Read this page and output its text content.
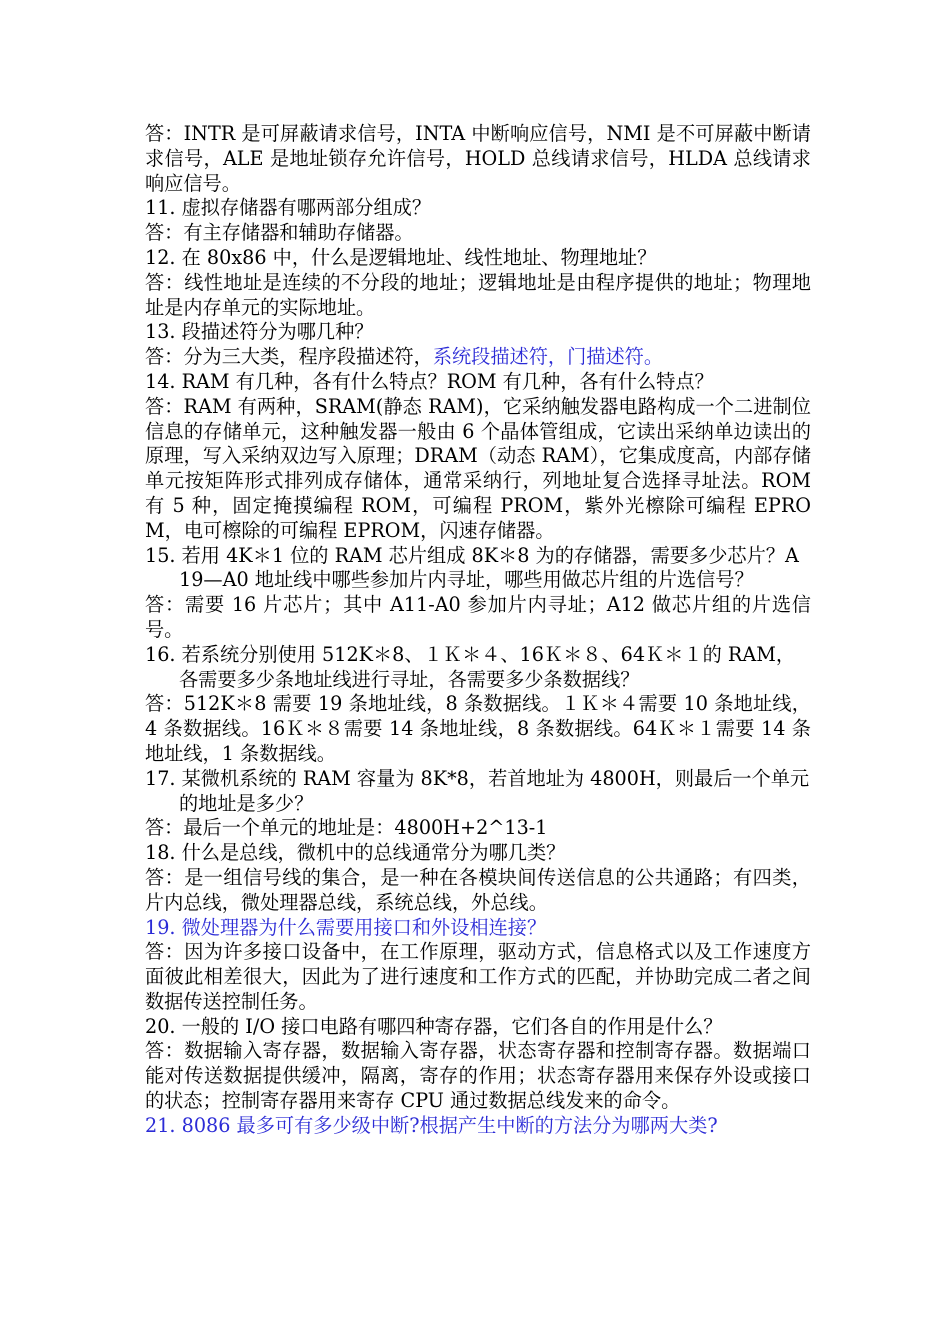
答：INTR 是可屏蔽请求信号，INTA 中断响应信号，NMI 是不可屏蔽中断请求信号，ALE 是地址锁存允许信号，HOLD 总线请求信号，HLDA 总线请求响应信号。

11. 虚拟存储器有哪两部分组成？

答：有主存储器和辅助存储器。

12. 在 80x86 中，什么是逻辑地址、线性地址、物理地址？

答：线性地址是连续的不分段的地址；逻辑地址是由程序提供的地址；物理地址是内存单元的实际地址。

13. 段描述符分为哪几种？

答：分为三大类，程序段描述符，系统段描述符，门描述符。

14. RAM 有几种，各有什么特点？ROM 有几种，各有什么特点？

答：RAM 有两种，SRAM(静态 RAM)，它采纳触发器电路构成一个二进制位信息的存储单元，这种触发器一般由 6 个晶体管组成，它读出采纳单边读出的原理，写入采纳双边写入原理；DRAM（动态 RAM），它集成度高，内部存储单元按矩阵形式排列成存储体，通常采纳行，列地址复合选择寻址法。ROM 有 5 种，固定掩摸编程 ROM，可编程 PROM，紫外光檫除可编程 EPROM，电可檫除的可编程 EPROM，闪速存储器。

15. 若用 4K＊1 位的 RAM 芯片组成 8K＊8 为的存储器，需要多少芯片？A19—A0 地址线中哪些参加片内寻址，哪些用做芯片组的片选信号？

答：需要 16 片芯片；其中 A11-A0 参加片内寻址；A12 做芯片组的片选信号。

16. 若系统分别使用 512K＊8、１Ｋ＊４、16Ｋ＊８、64Ｋ＊１的 RAM，各需要多少条地址线进行寻址，各需要多少条数据线？

答：512K＊8 需要 19 条地址线，8 条数据线。１Ｋ＊４需要 10 条地址线，4 条数据线。16Ｋ＊８需要 14 条地址线，8 条数据线。64Ｋ＊１需要 14 条地址线，1 条数据线。

17. 某微机系统的 RAM 容量为 8K*8，若首地址为 4800H，则最后一个单元的地址是多少？

答：最后一个单元的地址是：4800H+2^13-1

18. 什么是总线，微机中的总线通常分为哪几类？

答：是一组信号线的集合，是一种在各模块间传送信息的公共通路；有四类，片内总线，微处理器总线，系统总线，外总线。

19. 微处理器为什么需要用接口和外设相连接？

答：因为许多接口设备中，在工作原理，驱动方式，信息格式以及工作速度方面彼此相差很大，因此为了进行速度和工作方式的匹配，并协助完成二者之间数据传送控制任务。

20. 一般的 I/O 接口电路有哪四种寄存器，它们各自的作用是什么？

答：数据输入寄存器，数据输入寄存器，状态寄存器和控制寄存器。数据端口能对传送数据提供缓冲，隔离，寄存的作用；状态寄存器用来保存外设或接口的状态；控制寄存器用来寄存 CPU 通过数据总线发来的命令。

21. 8086 最多可有多少级中断?根据产生中断的方法分为哪两大类?
